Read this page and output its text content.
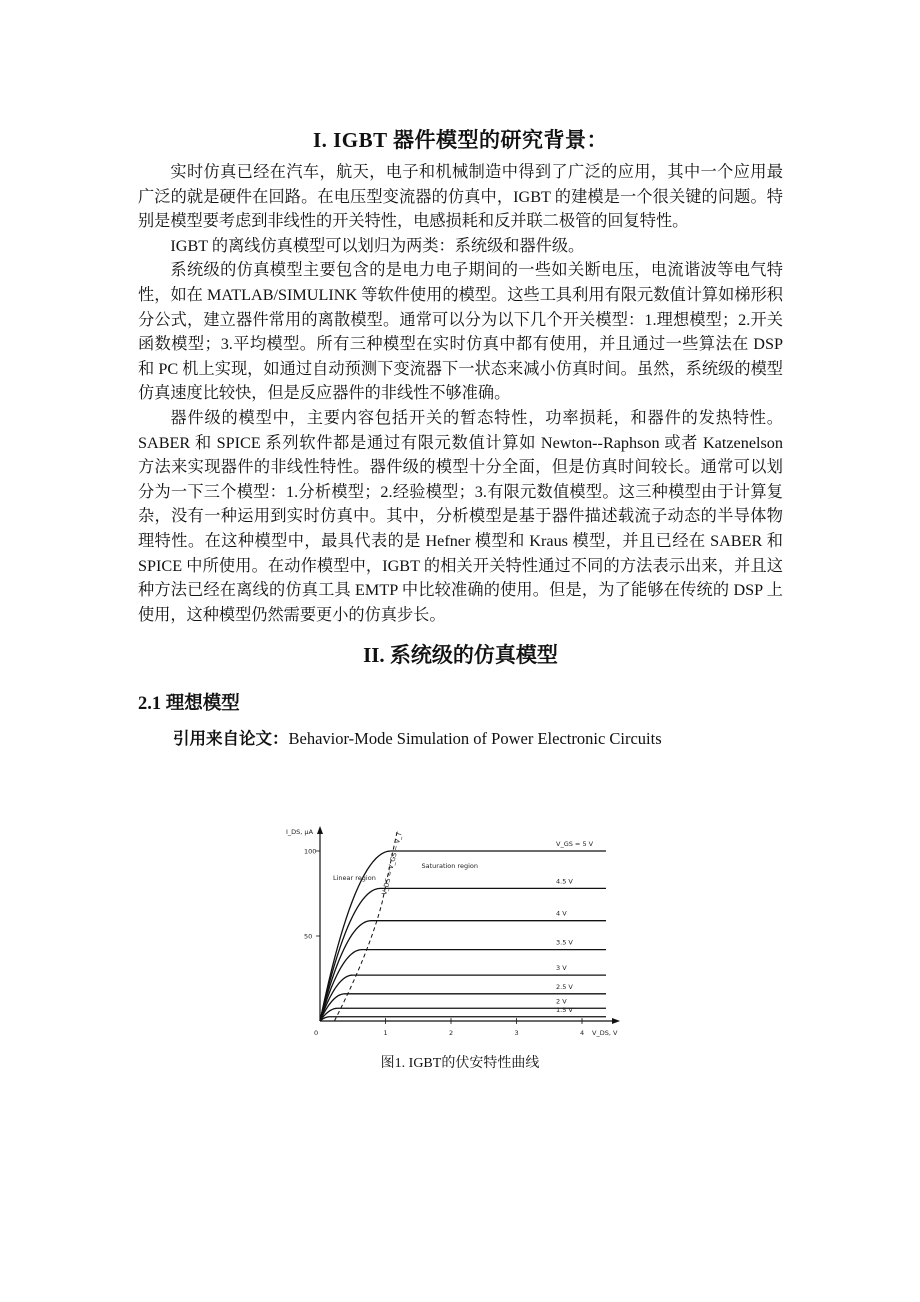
I. IGBT 器件模型的研究背景：

实时仿真已经在汽车，航天，电子和机械制造中得到了广泛的应用，其中一个应用最广泛的就是硬件在回路。在电压型变流器的仿真中，IGBT 的建模是一个很关键的问题。特别是模型要考虑到非线性的开关特性，电感损耗和反并联二极管的回复特性。

IGBT 的离线仿真模型可以划归为两类：系统级和器件级。

系统级的仿真模型主要包含的是电力电子期间的一些如关断电压，电流谐波等电气特性，如在 MATLAB/SIMULINK 等软件使用的模型。这些工具利用有限元数值计算如梯形积分公式，建立器件常用的离散模型。通常可以分为以下几个开关模型：1.理想模型；2.开关函数模型；3.平均模型。所有三种模型在实时仿真中都有使用，并且通过一些算法在 DSP 和 PC 机上实现，如通过自动预测下变流器下一状态来减小仿真时间。虽然，系统级的模型仿真速度比较快，但是反应器件的非线性不够准确。

器件级的模型中，主要内容包括开关的暂态特性，功率损耗，和器件的发热特性。SABER 和 SPICE 系列软件都是通过有限元数值计算如 Newton--Raphson 或者 Katzenelson 方法来实现器件的非线性特性。器件级的模型十分全面，但是仿真时间较长。通常可以划分为一下三个模型：1.分析模型；2.经验模型；3.有限元数值模型。这三种模型由于计算复杂，没有一种运用到实时仿真中。其中，分析模型是基于器件描述载流子动态的半导体物理特性。在这种模型中，最具代表的是 Hefner 模型和 Kraus 模型，并且已经在 SABER 和 SPICE 中所使用。在动作模型中，IGBT 的相关开关特性通过不同的方法表示出来，并且这种方法已经在离线的仿真工具 EMTP 中比较准确的使用。但是，为了能够在传统的 DSP 上使用，这种模型仍然需要更小的仿真步长。

II. 系统级的仿真模型
2.1 理想模型
引用来自论文：Behavior-Mode Simulation of Power Electronic Circuits
0	1	2	3	4
50
100
I_DS, μA
V_DS, V
V_GS = 5 V
4.5 V
4 V
3.5 V
3 V
2.5 V
2 V
1.5 V
Linear region
Saturation region
V_DS = V_GS − V_T
图1. IGBT的伏安特性曲线
